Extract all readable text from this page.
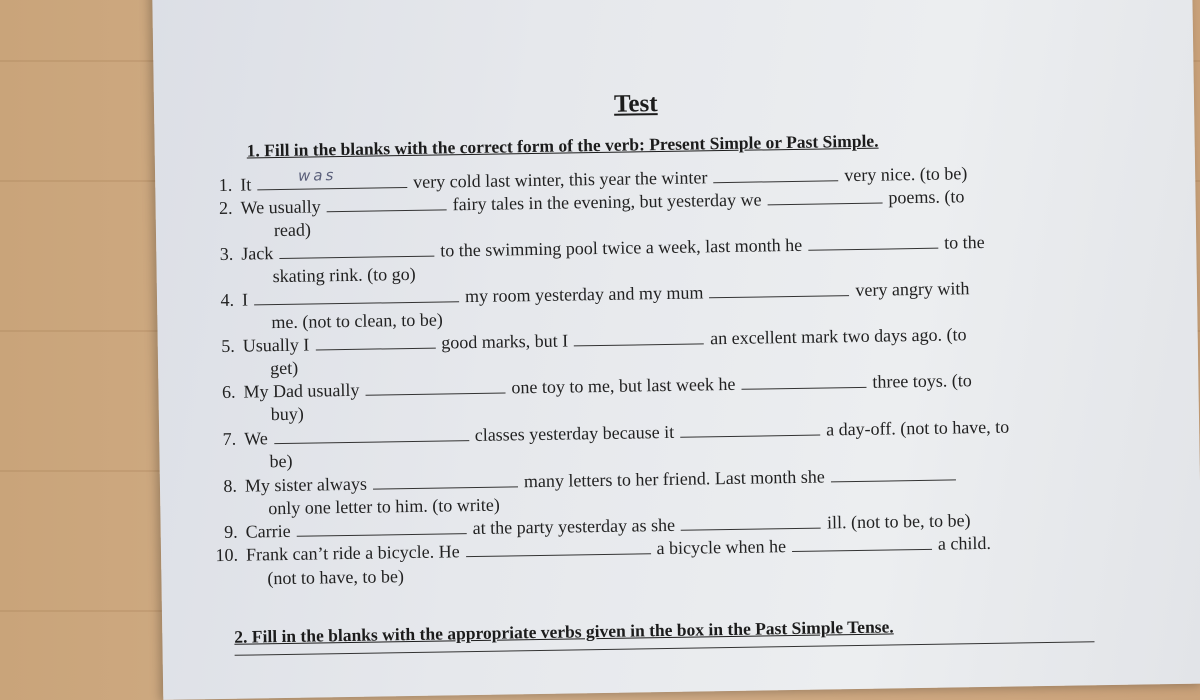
Test
1. Fill in the blanks with the correct form of the verb: Present Simple or Past Simple.
1. It	very cold last winter, this year the winter	very nice. (to be)
was
2. We usually	fairy tales in the evening, but yesterday we	poems. (to
read)
3. Jack	to the swimming pool twice a week, last month he	to the
skating rink. (to go)
4. I	my room yesterday and my mum	very angry with
me. (not to clean, to be)
5. Usually I	good marks, but I	an excellent mark two days ago. (to
get)
6. My Dad usually	one toy to me, but last week he	three toys. (to
buy)
7. We	classes yesterday because it	a day-off. (not to have, to
be)
8. My sister always	many letters to her friend. Last month she
only one letter to him. (to write)
9. Carrie	at the party yesterday as she	ill. (not to be, to be)
10. Frank can’t ride a bicycle. He	a bicycle when he	a child.
(not to have, to be)
2. Fill in the blanks with the appropriate verbs given in the box in the Past Simple Tense.
